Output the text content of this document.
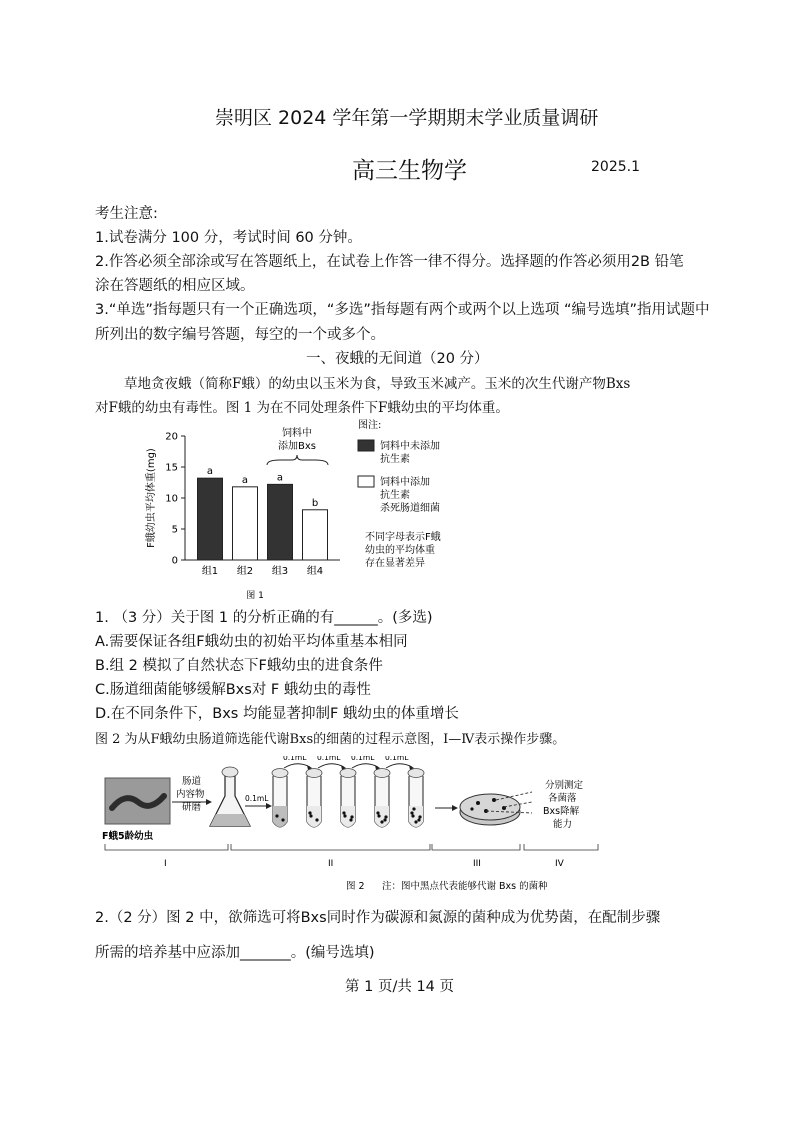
崇明区 2024 学年第一学期期末学业质量调研
高三生物学	2025.1
考生注意:
1.试卷满分 100 分，考试时间 60 分钟。
2.作答必须全部涂或写在答题纸上，在试卷上作答一律不得分。选择题的作答必须用2B 铅笔
涂在答题纸的相应区域。
3.“单选”指每题只有一个正确选项，“多选”指每题有两个或两个以上选项 “编号选填”指用试题中
所列出的数字编号答题，每空的一个或多个。
一、夜蛾的无间道（20 分）
草地贪夜蛾（简称F蛾）的幼虫以玉米为食，导致玉米减产。玉米的次生代谢产物Bxs
对F蛾的幼虫有毒性。图 1 为在不同处理条件下F蛾幼虫的平均体重。
0
5
10
15
20
F蛾幼虫平均体重(mg)	a
组1
a
组2
a
组3
b
组4
饲料中
添加Bxs
图 1
图注:
饲料中未添加
抗生素
饲料中添加
抗生素
杀死肠道细菌
不同字母表示F蛾
幼虫的平均体重
存在显著差异
1. （3 分）关于图 1 的分析正确的有______。(多选)
A.需要保证各组F蛾幼虫的初始平均体重基本相同
B.组 2 模拟了自然状态下F蛾幼虫的进食条件
C.肠道细菌能够缓解Bxs对 F 蛾幼虫的毒性
D.在不同条件下，Bxs 均能显著抑制F 蛾幼虫的体重增长
图 2 为从F蛾幼虫肠道筛选能代谢Bxs的细菌的过程示意图，Ⅰ—Ⅳ表示操作步骤。
F蛾5龄幼虫
肠道
内容物
研磨
0.1mL
0.1mL 0.1mL 0.1mL 0.1mL
分别测定
各菌落
Bxs降解
能力
I	II	III	IV
图 2 注：图中黑点代表能够代谢 Bxs 的菌种
2.（2 分）图 2 中，欲筛选可将Bxs同时作为碳源和氮源的菌种成为优势菌，在配制步骤
所需的培养基中应添加_______。(编号选填)
第 1 页/共 14 页
